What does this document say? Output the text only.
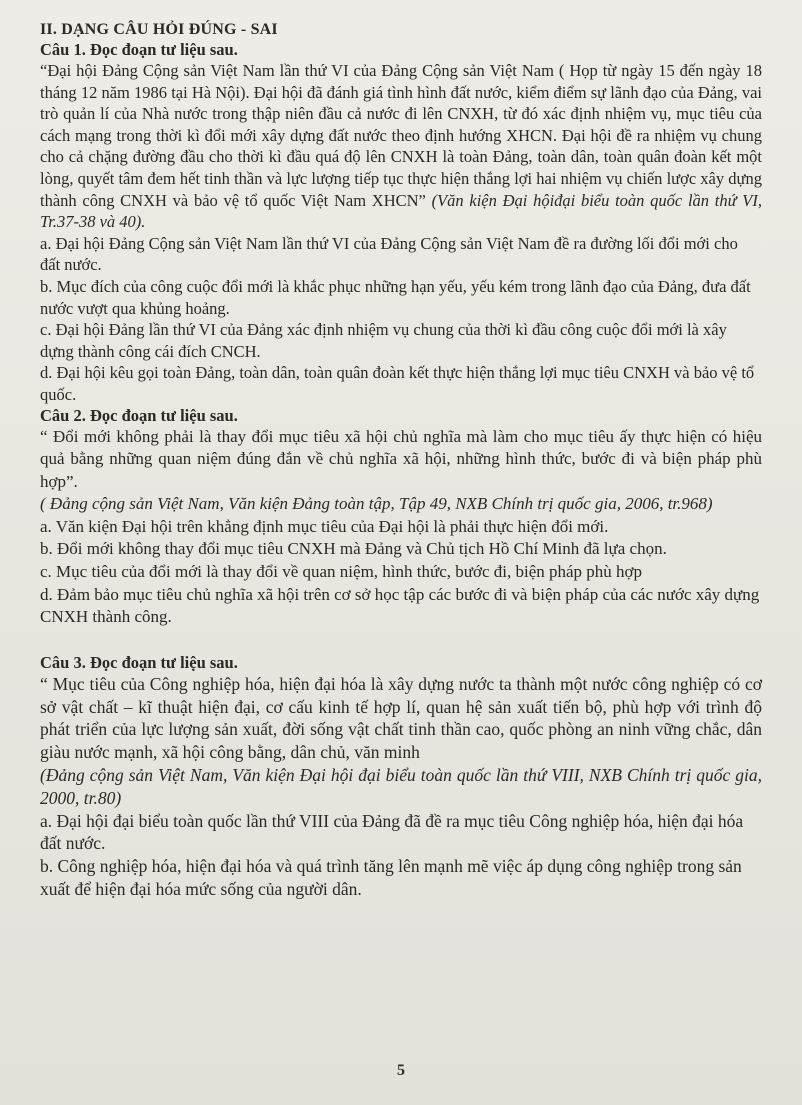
II. DẠNG CÂU HỎI ĐÚNG - SAI

Câu 1. Đọc đoạn tư liệu sau.

“Đại hội Đảng Cộng sản Việt Nam lần thứ VI của Đảng Cộng sản Việt Nam ( Họp từ ngày 15 đến ngày 18 tháng 12 năm 1986 tại Hà Nội). Đại hội đã đánh giá tình hình đất nước, kiểm điểm sự lãnh đạo của Đảng, vai trò quản lí của Nhà nước trong thập niên đầu cả nước đi lên CNXH, từ đó xác định nhiệm vụ, mục tiêu của cách mạng trong thời kì đổi mới xây dựng đất nước theo định hướng XHCN. Đại hội đề ra nhiệm vụ chung cho cả chặng đường đầu cho thời kì đầu quá độ lên CNXH là toàn Đảng, toàn dân, toàn quân đoàn kết một lòng, quyết tâm đem hết tinh thần và lực lượng tiếp tục thực hiện thắng lợi hai nhiệm vụ chiến lược xây dựng thành công CNXH và bảo vệ tổ quốc Việt Nam XHCN” (Văn kiện Đại hộiđại biểu toàn quốc lần thứ VI, Tr.37-38 và 40).

a. Đại hội Đảng Cộng sản Việt Nam lần thứ VI của Đảng Cộng sản Việt Nam đề ra đường lối đổi mới cho đất nước.

b. Mục đích của công cuộc đổi mới là khắc phục những hạn yếu, yếu kém trong lãnh đạo của Đảng, đưa đất nước vượt qua khủng hoảng.

c. Đại hội Đảng lần thứ VI của Đảng xác định nhiệm vụ chung của thời kì đầu công cuộc đổi mới là xây dựng thành công cái đích CNCH.

d. Đại hội kêu gọi toàn Đảng, toàn dân, toàn quân đoàn kết thực hiện thắng lợi mục tiêu CNXH và bảo vệ tổ quốc.

Câu 2. Đọc đoạn tư liệu sau.

“ Đổi mới không phải là thay đổi mục tiêu xã hội chủ nghĩa mà làm cho mục tiêu ấy thực hiện có hiệu quả bằng những quan niệm đúng đắn về chủ nghĩa xã hội, những hình thức, bước đi và biện pháp phù hợp”.

( Đảng cộng sản Việt Nam, Văn kiện Đảng toàn tập, Tập 49, NXB Chính trị quốc gia, 2006, tr.968)

a. Văn kiện Đại hội trên khẳng định mục tiêu của Đại hội là phải thực hiện đổi mới.

b. Đổi mới không thay đổi mục tiêu CNXH mà Đảng và Chủ tịch Hồ Chí Minh đã lựa chọn.

c. Mục tiêu của đổi mới là thay đổi về quan niệm, hình thức, bước đi, biện pháp phù hợp

d. Đảm bảo mục tiêu chủ nghĩa xã hội trên cơ sở học tập các bước đi và biện pháp của các nước xây dựng CNXH thành công.

Câu 3. Đọc đoạn tư liệu sau.

“ Mục tiêu của Công nghiệp hóa, hiện đại hóa là xây dựng nước ta thành một nước công nghiệp có cơ sở vật chất – kĩ thuật hiện đại, cơ cấu kinh tế hợp lí, quan hệ sản xuất tiến bộ, phù hợp với trình độ phát triển của lực lượng sản xuất, đời sống vật chất tinh thần cao, quốc phòng an ninh vững chắc, dân giàu nước mạnh, xã hội công bằng, dân chủ, văn minh

(Đảng cộng sản Việt Nam, Văn kiện Đại hội đại biểu toàn quốc lần thứ VIII, NXB Chính trị quốc gia, 2000, tr.80)

a. Đại hội đại biểu toàn quốc lần thứ VIII của Đảng đã đề ra mục tiêu Công nghiệp hóa, hiện đại hóa đất nước.

b. Công nghiệp hóa, hiện đại hóa và quá trình tăng lên mạnh mẽ việc áp dụng công nghiệp trong sản xuất để hiện đại hóa mức sống của người dân.

5
